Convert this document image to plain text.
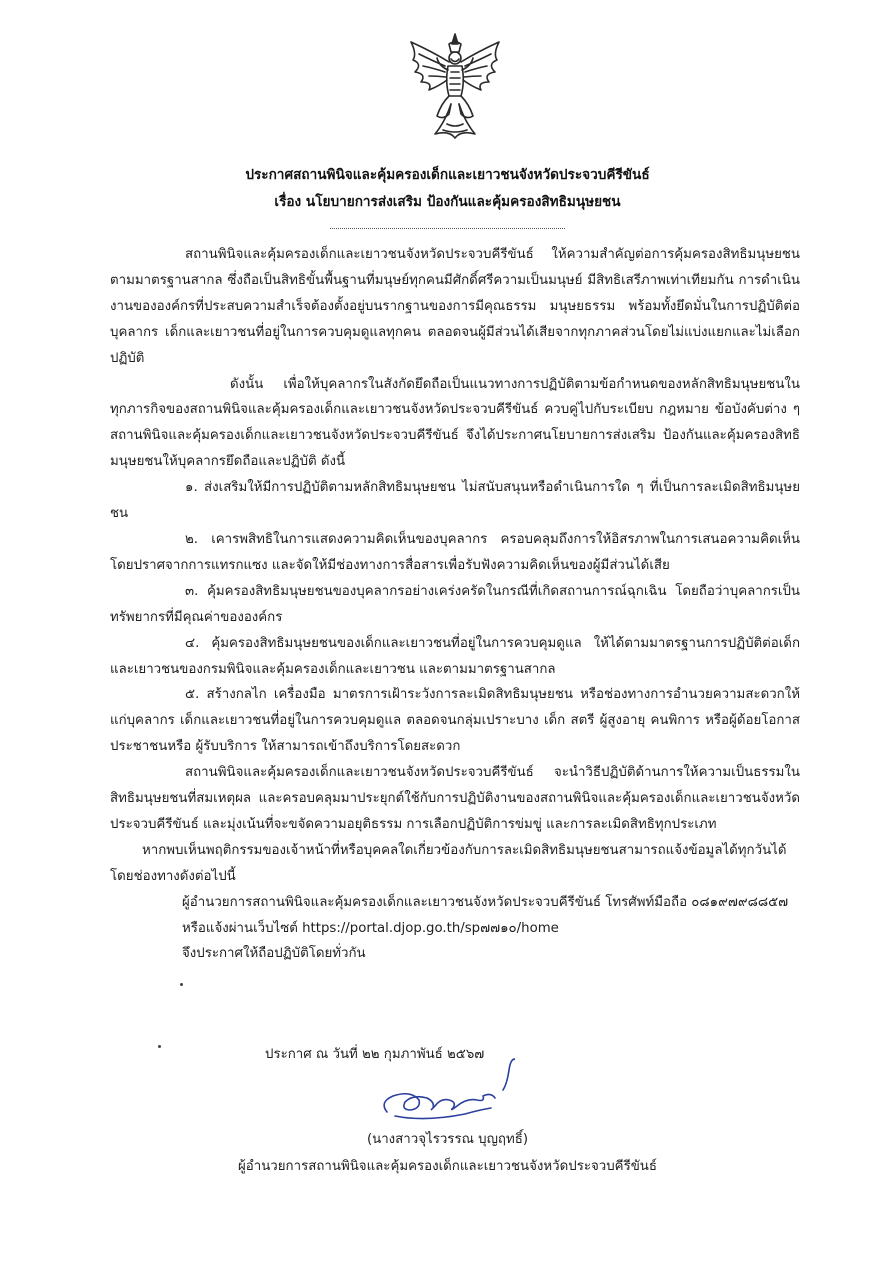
ประกาศสถานพินิจและคุ้มครองเด็กและเยาวชนจังหวัดประจวบคีรีขันธ์
เรื่อง นโยบายการส่งเสริม ป้องกันและคุ้มครองสิทธิมนุษยชน

สถานพินิจและคุ้มครองเด็กและเยาวชนจังหวัดประจวบคีรีขันธ์ ให้ความสำคัญต่อการคุ้มครองสิทธิมนุษยชนตามมาตรฐานสากล ซึ่งถือเป็นสิทธิขั้นพื้นฐานที่มนุษย์ทุกคนมีศักดิ์ศรีความเป็นมนุษย์ มีสิทธิเสรีภาพเท่าเทียมกัน การดำเนินงานขององค์กรที่ประสบความสำเร็จต้องตั้งอยู่บนรากฐานของการมีคุณธรรม มนุษยธรรม พร้อมทั้งยึดมั่นในการปฏิบัติต่อบุคลากร เด็กและเยาวชนที่อยู่ในการควบคุมดูแลทุกคน ตลอดจนผู้มีส่วนได้เสียจากทุกภาคส่วนโดยไม่แบ่งแยกและไม่เลือกปฏิบัติ

ดังนั้น เพื่อให้บุคลากรในสังกัดยึดถือเป็นแนวทางการปฏิบัติตามข้อกำหนดของหลักสิทธิมนุษยชนในทุกภารกิจของสถานพินิจและคุ้มครองเด็กและเยาวชนจังหวัดประจวบคีรีขันธ์ ควบคู่ไปกับระเบียบ กฎหมาย ข้อบังคับต่าง ๆ สถานพินิจและคุ้มครองเด็กและเยาวชนจังหวัดประจวบคีรีขันธ์ จึงได้ประกาศนโยบายการส่งเสริม ป้องกันและคุ้มครองสิทธิมนุษยชนให้บุคลากรยึดถือและปฏิบัติ ดังนี้

๑. ส่งเสริมให้มีการปฏิบัติตามหลักสิทธิมนุษยชน ไม่สนับสนุนหรือดำเนินการใด ๆ ที่เป็นการละเมิดสิทธิมนุษยชน

๒. เคารพสิทธิในการแสดงความคิดเห็นของบุคลากร ครอบคลุมถึงการให้อิสรภาพในการเสนอความคิดเห็นโดยปราศจากการแทรกแซง และจัดให้มีช่องทางการสื่อสารเพื่อรับฟังความคิดเห็นของผู้มีส่วนได้เสีย

๓. คุ้มครองสิทธิมนุษยชนของบุคลากรอย่างเคร่งครัดในกรณีที่เกิดสถานการณ์ฉุกเฉิน โดยถือว่าบุคลากรเป็นทรัพยากรที่มีคุณค่าขององค์กร

๔. คุ้มครองสิทธิมนุษยชนของเด็กและเยาวชนที่อยู่ในการควบคุมดูแล ให้ได้ตามมาตรฐานการปฏิบัติต่อเด็กและเยาวชนของกรมพินิจและคุ้มครองเด็กและเยาวชน และตามมาตรฐานสากล

๕. สร้างกลไก เครื่องมือ มาตรการเฝ้าระวังการละเมิดสิทธิมนุษยชน หรือช่องทางการอำนวยความสะดวกให้แก่บุคลากร เด็กและเยาวชนที่อยู่ในการควบคุมดูแล ตลอดจนกลุ่มเปราะบาง เด็ก สตรี ผู้สูงอายุ คนพิการ หรือผู้ด้อยโอกาส ประชาชนหรือ ผู้รับบริการ ให้สามารถเข้าถึงบริการโดยสะดวก

สถานพินิจและคุ้มครองเด็กและเยาวชนจังหวัดประจวบคีรีขันธ์ จะนำวิธีปฏิบัติด้านการให้ความเป็นธรรมในสิทธิมนุษยชนที่สมเหตุผล และครอบคลุมมาประยุกต์ใช้กับการปฏิบัติงานของสถานพินิจและคุ้มครองเด็กและเยาวชนจังหวัดประจวบคีรีขันธ์ และมุ่งเน้นที่จะขจัดความอยุติธรรม การเลือกปฏิบัติการข่มขู่ และการละเมิดสิทธิทุกประเภท

หากพบเห็นพฤติกรรมของเจ้าหน้าที่หรือบุคคลใดเกี่ยวข้องกับการละเมิดสิทธิมนุษยชนสามารถแจ้งข้อมูลได้ทุกวันได้โดยช่องทางดังต่อไปนี้

ผู้อำนวยการสถานพินิจและคุ้มครองเด็กและเยาวชนจังหวัดประจวบคีรีขันธ์ โทรศัพท์มือถือ ๐๘๑๙๗๙๘๘๕๗

หรือแจ้งผ่านเว็บไซต์ https://portal.djop.go.th/sp๗๗๑๐/home

จึงประกาศให้ถือปฏิบัติโดยทั่วกัน

ประกาศ ณ วันที่ ๒๒ กุมภาพันธ์ ๒๕๖๗
(นางสาวจุไรวรรณ บุญฤทธิ์)
ผู้อำนวยการสถานพินิจและคุ้มครองเด็กและเยาวชนจังหวัดประจวบคีรีขันธ์
